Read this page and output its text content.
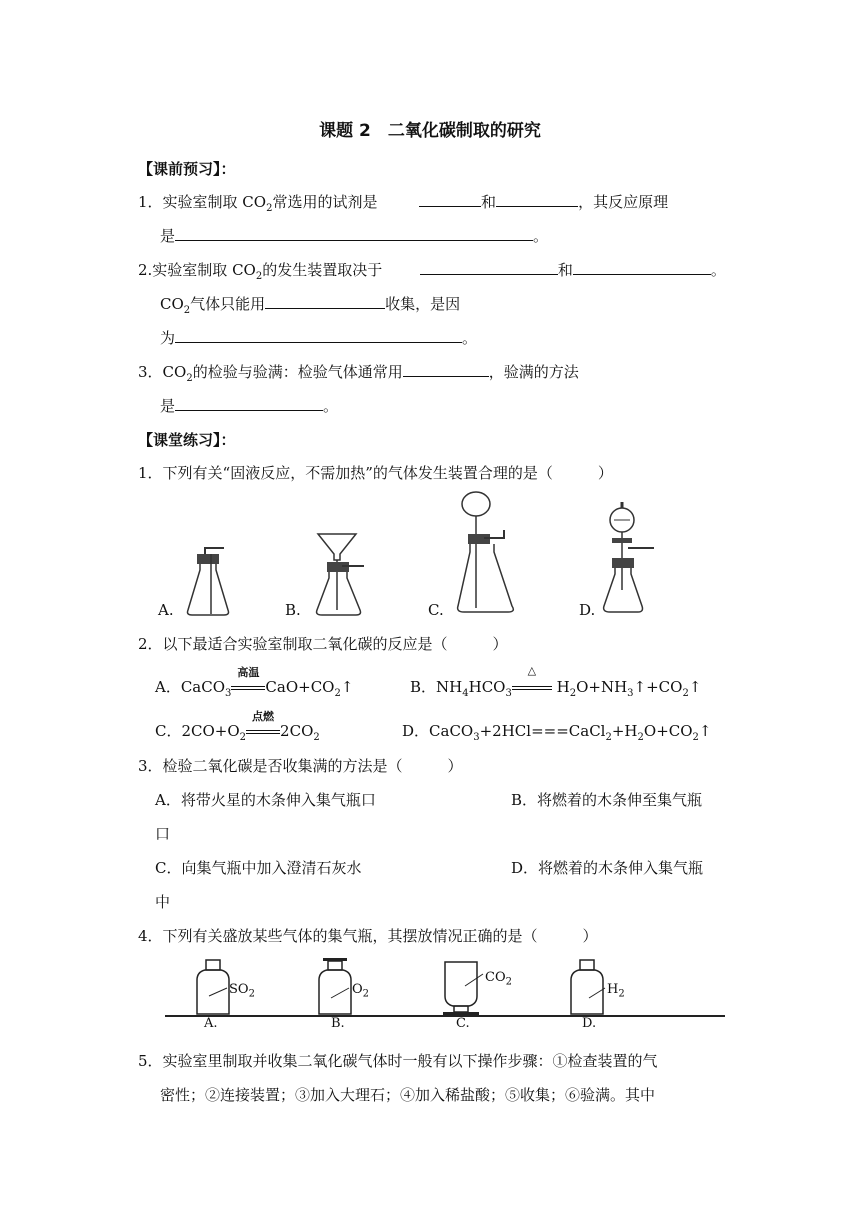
课题 2　二氧化碳制取的研究
【课前预习】：
1．实验室制取 $CO_2$常选用的试剂是	和	，其反应原理
是	。
2.实验室制取 $CO_2$的发生装置取决于	和	。
$CO_2$气体只能用	收集，是因
为	。
3．$CO_2$的检验与验满：检验气体通常用	，验满的方法
是	。
【课堂练习】：
1．下列有关“固液反应，不需加热”的气体发生装置合理的是（　　　）
A.	B.	C.	D.
2．以下最适合实验室制取二氧化碳的反应是（　　　）
A．CaCO$_3$
高温
$CaO+CO_2↑$	B．$NH_4HCO_3$
△
$H_2O+NH_3↑+CO_2↑$
C．$2CO+O_2$
点燃
$2CO_2$	D．$CaCO_3+2HCl===CaCl_2+H_2O+CO_2↑$
3．检验二氧化碳是否收集满的方法是（　　　）
A．将带火星的木条伸入集气瓶口	B．将燃着的木条伸至集气瓶
口
C．向集气瓶中加入澄清石灰水	D．将燃着的木条伸入集气瓶
中
4．下列有关盛放某些气体的集气瓶，其摆放情况正确的是（　　　）
$SO_2$	$O_2$
$CO_2$	$H_2$
A.	B.	C.	D.
5．实验室里制取并收集二氧化碳气体时一般有以下操作步骤：①检查装置的气
密性；②连接装置；③加入大理石；④加入稀盐酸；⑤收集；⑥验满。其中
